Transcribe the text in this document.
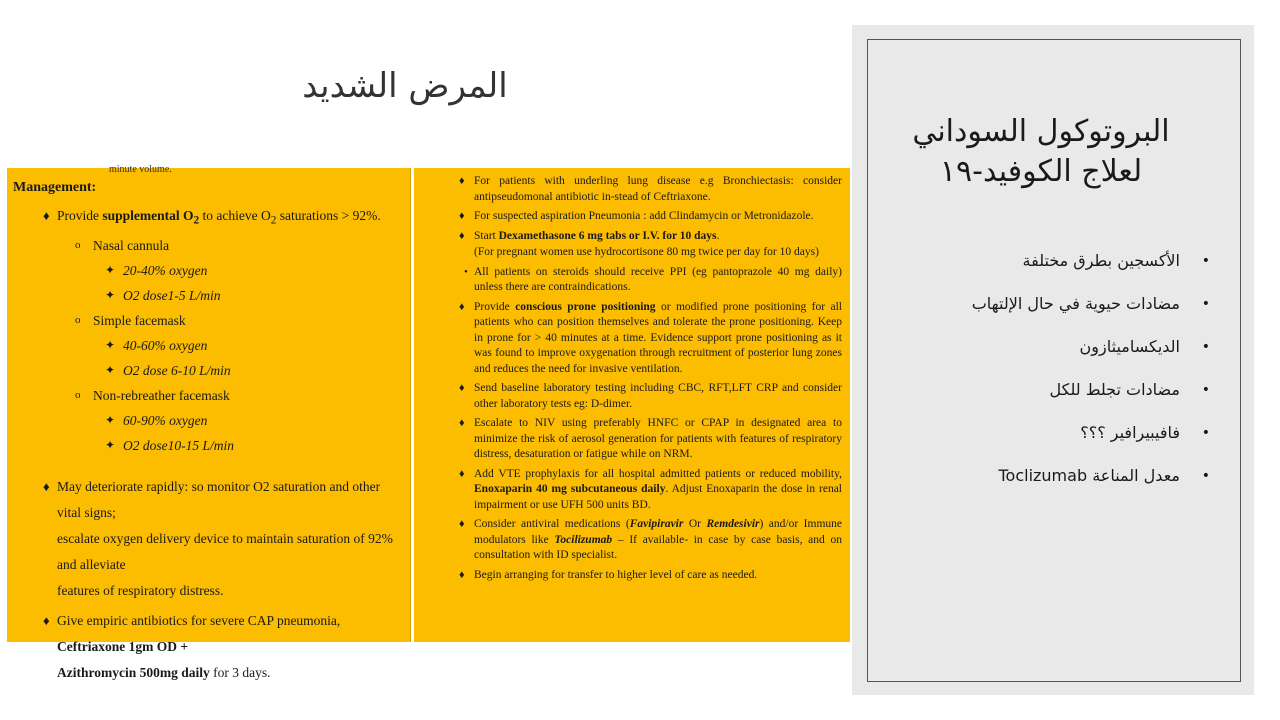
المرض الشديد
minute volume.
Management:
♦ Provide supplemental $O_2$ to achieve $O_2$ saturations > 92%.
o Nasal cannula
✦ 20-40% oxygen
✦ O2 dose1-5 L/min
o Simple facemask
✦ 40-60% oxygen
✦ O2 dose 6-10 L/min
o Non-rebreather facemask
✦ 60-90% oxygen
✦ O2 dose10-15 L/min
♦ May deteriorate rapidly: so monitor O2 saturation and other vital signs;
escalate oxygen delivery device to maintain saturation of 92% and alleviate
features of respiratory distress.
♦ Give empiric antibiotics for severe CAP pneumonia, Ceftriaxone 1gm OD +
Azithromycin 500mg daily for 3 days.
♦ For patients with underling lung disease e.g Bronchiectasis: consider antipseudomonal antibiotic in-stead of Ceftriaxone.
♦ For suspected aspiration Pneumonia : add Clindamycin or Metronidazole.
♦ Start Dexamethasone 6 mg tabs or I.V. for 10 days.
(For pregnant women use hydrocortisone 80 mg twice per day for 10 days)
• All patients on steroids should receive PPI (eg pantoprazole 40 mg daily) unless there are contraindications.
♦ Provide conscious prone positioning or modified prone positioning for all patients who can position themselves and tolerate the prone positioning. Keep in prone for > 40 minutes at a time. Evidence support prone positioning as it was found to improve oxygenation through recruitment of posterior lung zones and reduces the need for invasive ventilation.
♦ Send baseline laboratory testing including CBC, RFT,LFT CRP and consider other laboratory tests eg: D-dimer.
♦ Escalate to NIV using preferably HNFC or CPAP in designated area to minimize the risk of aerosol generation for patients with features of respiratory distress, desaturation or fatigue while on NRM.
♦ Add VTE prophylaxis for all hospital admitted patients or reduced mobility, Enoxaparin 40 mg subcutaneous daily. Adjust Enoxaparin the dose in renal impairment or use UFH 500 units BD.
♦ Consider antiviral medications (Favipiravir Or Remdesivir) and/or Immune modulators like Tocilizumab – If available- in case by case basis, and on consultation with ID specialist.
♦ Begin arranging for transfer to higher level of care as needed.
البروتوكول السوداني
لعلاج الكوفيد-١٩
• الأكسجين بطرق مختلفة
• مضادات حيوية في حال الإلتهاب
• الديكساميثازون
• مضادات تجلط للكل
• فافيبيرافير ؟؟؟
• معدل المناعة Toclizumab
